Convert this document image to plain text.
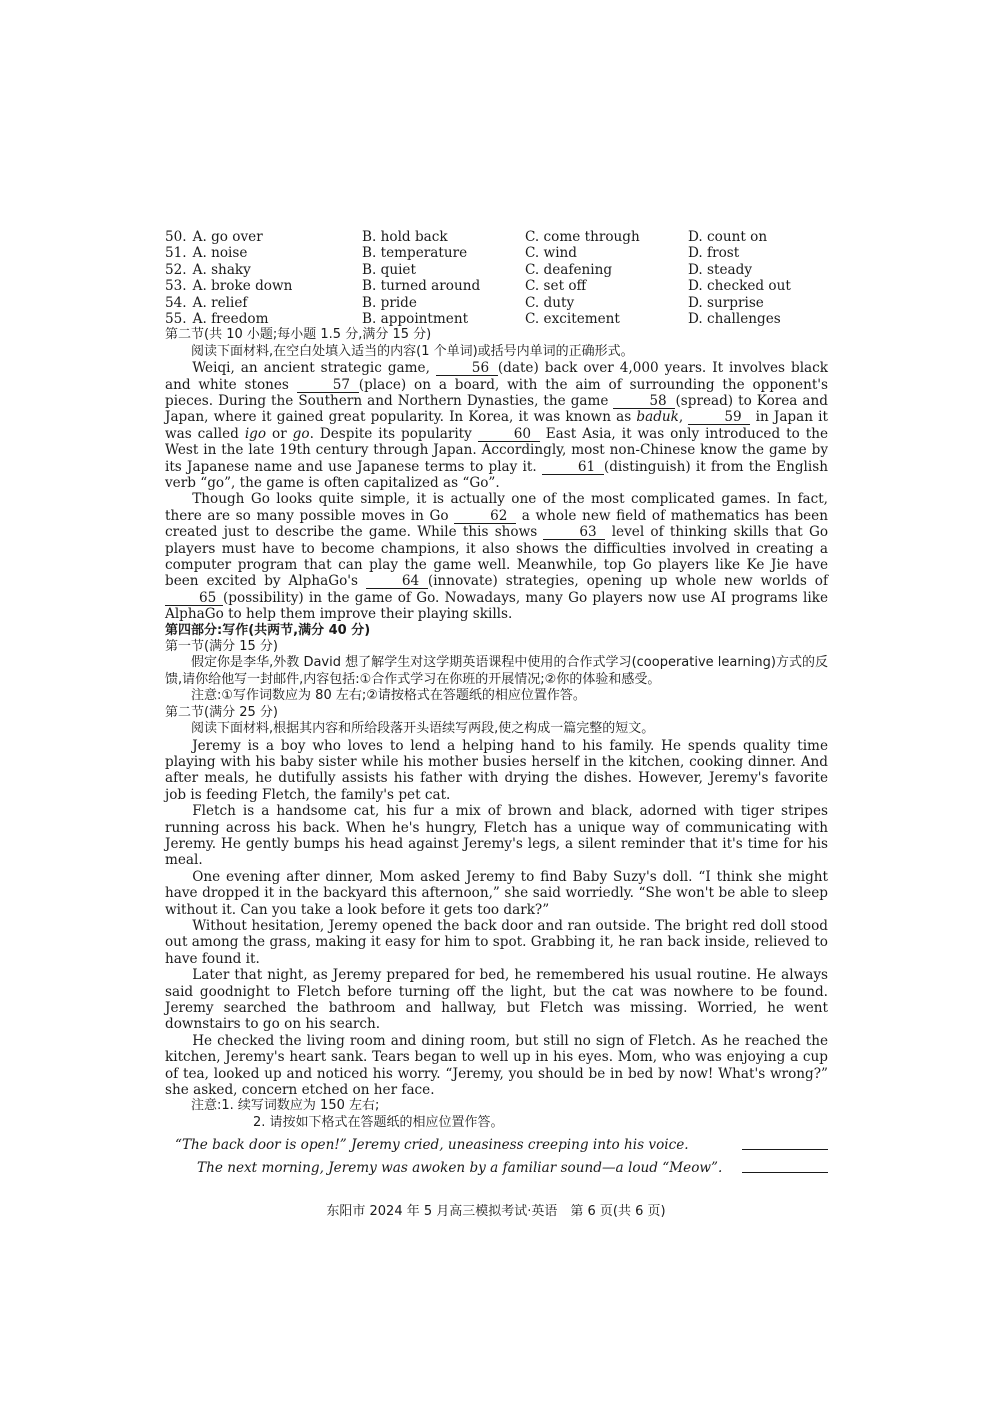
50. A. go over	B. hold back	C. come through	D. count on
51. A. noise	B. temperature	C. wind	D. frost
52. A. shaky	B. quiet	C. deafening	D. steady
53. A. broke down	B. turned around	C. set off	D. checked out
54. A. relief	B. pride	C. duty	D. surprise
55. A. freedom	B. appointment	C. excitement	D. challenges
第二节(共 10 小题;每小题 1.5 分,满分 15 分)

阅读下面材料,在空白处填入适当的内容(1 个单词)或括号内单词的正确形式。

Weiqi, an ancient strategic game,	56 (date) back over 4,000 years. It involves black and white stones	57 (place) on a board, with the aim of surrounding the opponent's pieces. During the Southern and Northern Dynasties, the game	58 (spread) to Korea and Japan, where it gained great popularity. In Korea, it was known as baduk,	59 in Japan it was called igo or go. Despite its popularity	60 East Asia, it was only introduced to the West in the late 19th century through Japan. Accordingly, most non-Chinese know the game by its Japanese name and use Japanese terms to play it.	61 (distinguish) it from the English verb “go”, the game is often capitalized as “Go”.

Though Go looks quite simple, it is actually one of the most complicated games. In fact, there are so many possible moves in Go	62 a whole new field of mathematics has been created just to describe the game. While this shows	63 level of thinking skills that Go players must have to become champions, it also shows the difficulties involved in creating a computer program that can play the game well. Meanwhile, top Go players like Ke Jie have been excited by AlphaGo's	64 (innovate) strategies, opening up whole new worlds of 65 (possibility) in the game of Go. Nowadays, many Go players now use AI programs like AlphaGo to help them improve their playing skills.

第四部分:写作(共两节,满分 40 分)
第一节(满分 15 分)

假定你是李华,外教 David 想了解学生对这学期英语课程中使用的合作式学习(cooperative learning)方式的反馈,请你给他写一封邮件,内容包括:①合作式学习在你班的开展情况;②你的体验和感受。

注意:①写作词数应为 80 左右;②请按格式在答题纸的相应位置作答。

第二节(满分 25 分)

阅读下面材料,根据其内容和所给段落开头语续写两段,使之构成一篇完整的短文。

Jeremy is a boy who loves to lend a helping hand to his family. He spends quality time playing with his baby sister while his mother busies herself in the kitchen, cooking dinner. And after meals, he dutifully assists his father with drying the dishes. However, Jeremy's favorite job is feeding Fletch, the family's pet cat.

Fletch is a handsome cat, his fur a mix of brown and black, adorned with tiger stripes running across his back. When he's hungry, Fletch has a unique way of communicating with Jeremy. He gently bumps his head against Jeremy's legs, a silent reminder that it's time for his meal.

One evening after dinner, Mom asked Jeremy to find Baby Suzy's doll. “I think she might have dropped it in the backyard this afternoon,” she said worriedly. “She won't be able to sleep without it. Can you take a look before it gets too dark?”

Without hesitation, Jeremy opened the back door and ran outside. The bright red doll stood out among the grass, making it easy for him to spot. Grabbing it, he ran back inside, relieved to have found it.

Later that night, as Jeremy prepared for bed, he remembered his usual routine. He always said goodnight to Fletch before turning off the light, but the cat was nowhere to be found. Jeremy searched the bathroom and hallway, but Fletch was missing. Worried, he went downstairs to go on his search.

He checked the living room and dining room, but still no sign of Fletch. As he reached the kitchen, Jeremy's heart sank. Tears began to well up in his eyes. Mom, who was enjoying a cup of tea, looked up and noticed his worry. “Jeremy, you should be in bed by now! What's wrong?” she asked, concern etched on her face.

注意:1. 续写词数应为 150 左右;

2. 请按如下格式在答题纸的相应位置作答。

“The back door is open!” Jeremy cried, uneasiness creeping into his voice.
The next morning, Jeremy was awoken by a familiar sound—a loud “Meow”.
东阳市 2024 年 5 月高三模拟考试·英语　第 6 页(共 6 页)
